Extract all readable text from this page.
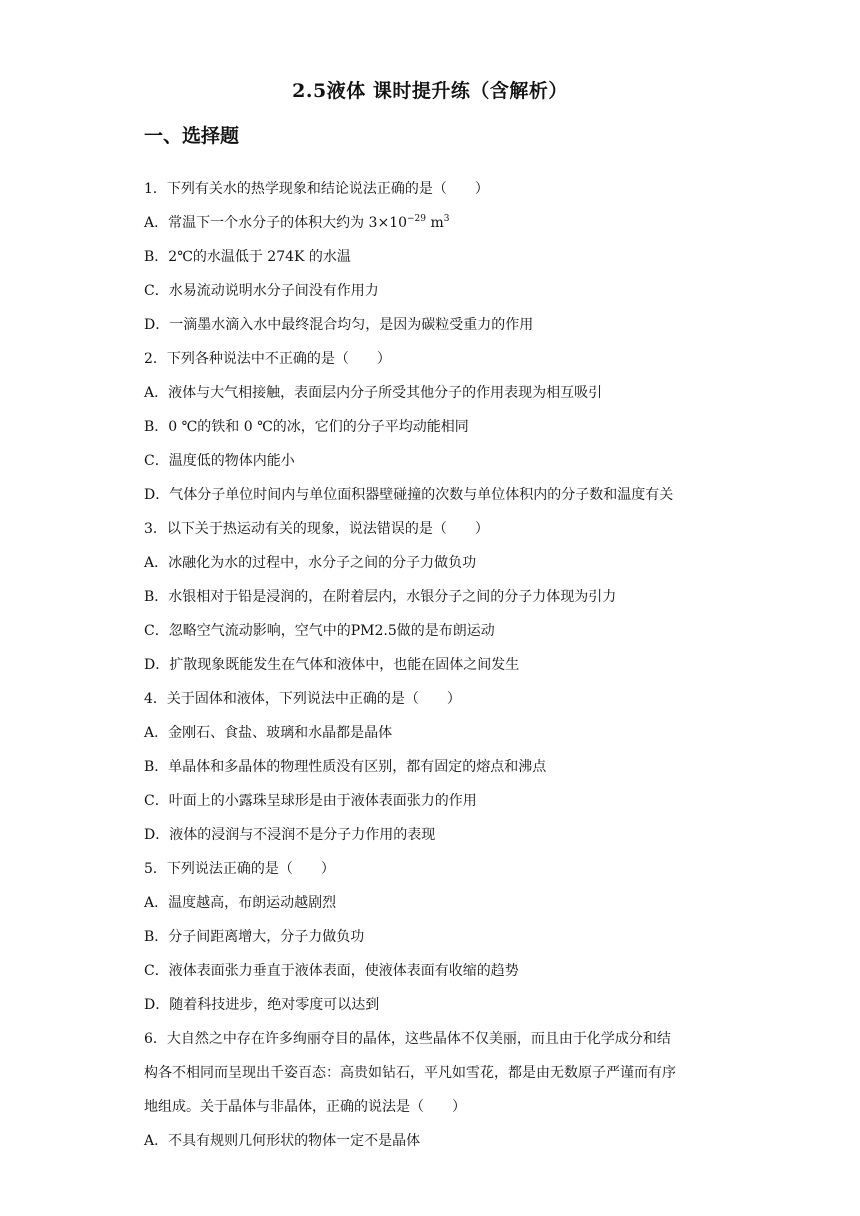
2.5液体 课时提升练（含解析）
一、选择题
1．下列有关水的热学现象和结论说法正确的是（　　）
A．常温下一个水分子的体积大约为 $3\times 10^{-29}$ $m^3$
B．2℃的水温低于 274K 的水温
C．水易流动说明水分子间没有作用力
D．一滴墨水滴入水中最终混合均匀，是因为碳粒受重力的作用
2．下列各种说法中不正确的是（　　）
A．液体与大气相接触，表面层内分子所受其他分子的作用表现为相互吸引
B．0 ℃的铁和 0 ℃的冰，它们的分子平均动能相同
C．温度低的物体内能小
D．气体分子单位时间内与单位面积器壁碰撞的次数与单位体积内的分子数和温度有关
3．以下关于热运动有关的现象，说法错误的是（　　）
A．冰融化为水的过程中，水分子之间的分子力做负功
B．水银相对于铅是浸润的，在附着层内，水银分子之间的分子力体现为引力
C．忽略空气流动影响，空气中的PM2.5做的是布朗运动
D．扩散现象既能发生在气体和液体中，也能在固体之间发生
4．关于固体和液体，下列说法中正确的是（　　）
A．金刚石、食盐、玻璃和水晶都是晶体
B．单晶体和多晶体的物理性质没有区别，都有固定的熔点和沸点
C．叶面上的小露珠呈球形是由于液体表面张力的作用
D．液体的浸润与不浸润不是分子力作用的表现
5．下列说法正确的是（　　）
A．温度越高，布朗运动越剧烈
B．分子间距离增大，分子力做负功
C．液体表面张力垂直于液体表面，使液体表面有收缩的趋势
D．随着科技进步，绝对零度可以达到
6．大自然之中存在许多绚丽夺目的晶体，这些晶体不仅美丽，而且由于化学成分和结
构各不相同而呈现出千姿百态：高贵如钻石，平凡如雪花，都是由无数原子严谨而有序
地组成。关于晶体与非晶体，正确的说法是（　　）
A．不具有规则几何形状的物体一定不是晶体
